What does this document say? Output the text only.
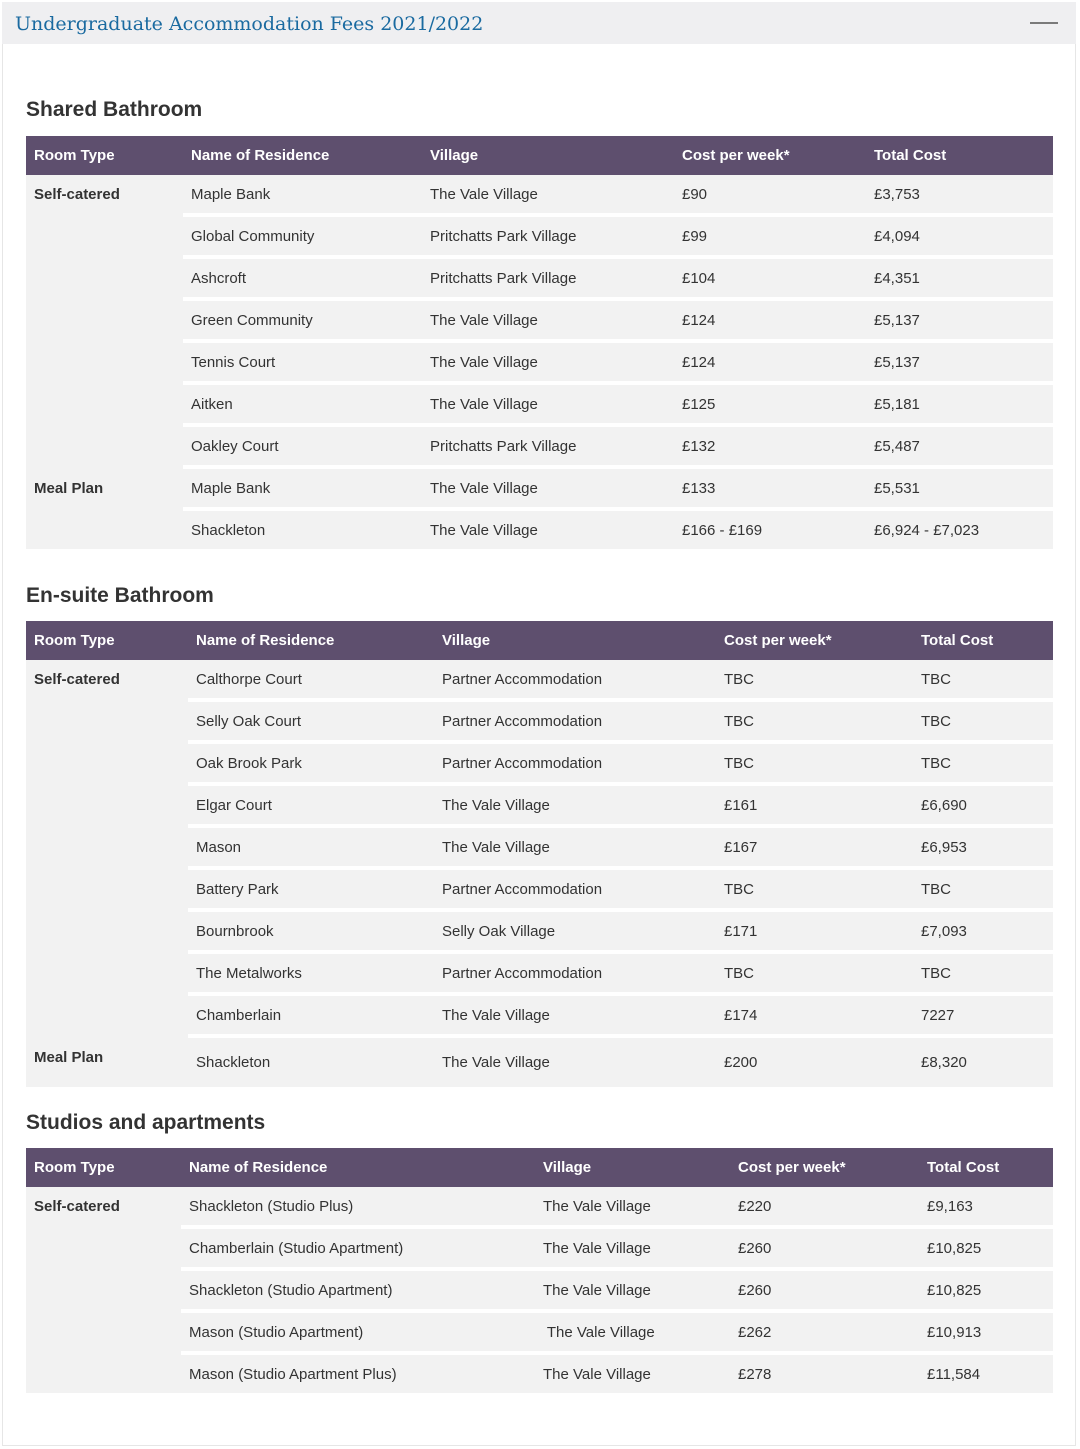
Undergraduate Accommodation Fees 2021/2022
Shared Bathroom
Room Type	Name of Residence	Village	Cost per week*	Total Cost
Self-catered	Maple Bank	The Vale Village	£90	£3,753
	Global Community	Pritchatts Park Village	£99	£4,094
	Ashcroft	Pritchatts Park Village	£104	£4,351
	Green Community	The Vale Village	£124	£5,137
	Tennis Court	The Vale Village	£124	£5,137
	Aitken	The Vale Village	£125	£5,181
	Oakley Court	Pritchatts Park Village	£132	£5,487
Meal Plan	Maple Bank	The Vale Village	£133	£5,531
	Shackleton	The Vale Village	£166 - £169	£6,924 - £7,023
En-suite Bathroom
Room Type	Name of Residence	Village	Cost per week*	Total Cost
Self-catered	Calthorpe Court	Partner Accommodation	TBC	TBC
	Selly Oak Court	Partner Accommodation	TBC	TBC
	Oak Brook Park	Partner Accommodation	TBC	TBC
	Elgar Court	The Vale Village	£161	£6,690
	Mason	The Vale Village	£167	£6,953
	Battery Park	Partner Accommodation	TBC	TBC
	Bournbrook	Selly Oak Village	£171	£7,093
	The Metalworks	Partner Accommodation	TBC	TBC
	Chamberlain	The Vale Village	£174	7227
Meal Plan	Shackleton	The Vale Village	£200	£8,320
Studios and apartments
Room Type	Name of Residence	Village	Cost per week*	Total Cost
Self-catered	Shackleton (Studio Plus)	The Vale Village	£220	£9,163
	Chamberlain (Studio Apartment)	The Vale Village	£260	£10,825
	Shackleton (Studio Apartment)	The Vale Village	£260	£10,825
	Mason (Studio Apartment)	The Vale Village	£262	£10,913
	Mason (Studio Apartment Plus)	The Vale Village	£278	£11,584
